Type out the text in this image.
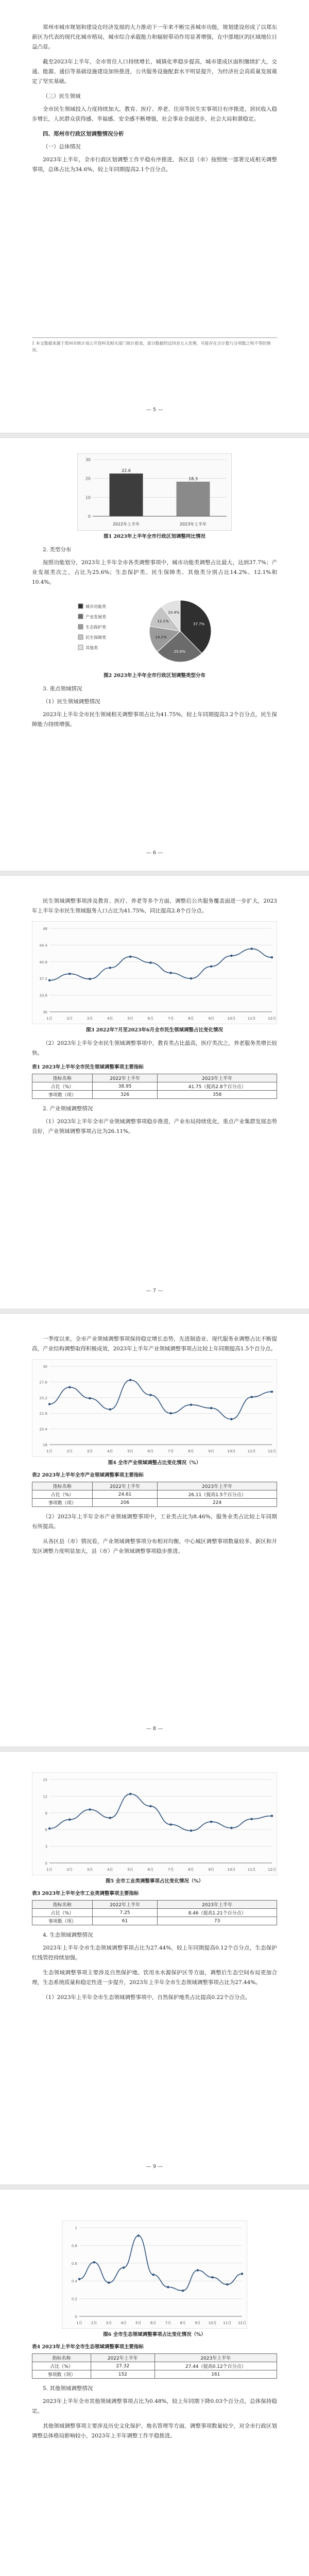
郑州市城市规划和建设在经济发展的大力推动下一年来不断完善城市功能，规划建设形成了以郑东新区为代表的现代化城市格局，城市综合承载能力和辐射带动作用显著增强，在中部地区的区域地位日益凸显。

截至2023年上半年，全市常住人口持续增长，城镇化率稳步提高，城市建成区面积继续扩大，交通、能源、通信等基础设施建设加快推进，公共服务设施配套水平明显提升，为经济社会高质量发展奠定了坚实基础。

（三）民生领域

全市民生领域投入力度持续加大，教育、医疗、养老、住房等民生实事项目有序推进，居民收入稳步增长，人民群众获得感、幸福感、安全感不断增强，社会事业全面进步，社会大局和谐稳定。

四、郑州市行政区划调整情况分析
（一）总体情况

2023年上半年，全市行政区划调整工作平稳有序推进，各区县（市）按照统一部署完成相关调整事项，总体占比为34.6%，较上年同期提高2.1个百分点。

1 本文数据来源于郑州市统计局公开资料及相关部门统计报表，部分数据经过四舍五入处理，可能存在合计数与分项数之和不等的情况。
— 5 —
0
10
20
30
22.6
2022年上半年
18.3
2023年上半年
图1 2023年上半年全市行政区划调整同比情况
2. 类型分布

按照功能划分，2023年上半年全市各类调整事项中，城市功能类调整占比最大，达到37.7%；产业发展类次之，占比为25.6%；生态保护类、民生保障类、其他类分别占比14.2%、12.1%和10.4%。

37.7%
25.6%
14.2%
12.1%
10.4%
城市功能类
产业发展类
生态保护类
民生保障类
其他类
图2 2023年上半年全市行政区划调整类型分布
3. 重点领域情况
（1）民生领域调整情况

2023年上半年全市民生领域相关调整事项占比为41.75%，较上年同期提高3.2个百分点，民生保障能力持续增强。

— 6 —

民生领域调整事项涉及教育、医疗、养老等多个方面，调整后公共服务覆盖面进一步扩大，2023年上半年全市民生领域服务人口占比为41.75%，同比提高2.8个百分点。

30
33.6
37.2
40.8
44.4
48
1月	2月	3月	4月	5月	6月	7月	8月	9月	10月	11月	12月
图3 2022年7月至2023年6月全市民生领域调整占比变化情况

（2）2023年上半年全市民生领域调整事项中，教育类占比最高，医疗类次之，养老服务类增长较快。

表1 2023年上半年全市民生领域调整事项主要指标
指标名称	2022年上半年	2023年上半年
占比（%）	38.95	41.75（提高2.8个百分点）
事项数（项）	326	358
2. 产业领域调整情况

（1）2023年上半年全市产业领域调整事项稳步推进，产业布局持续优化，重点产业集群发展态势良好，产业领域调整事项占比为26.11%。

— 7 —

一季度以来，全市产业领域调整事项保持稳定增长态势，先进制造业、现代服务业调整占比不断提高，产业结构调整取得积极成效，2023年上半年产业领域调整事项占比较上年同期提高1.5个百分点。

18
20.4
22.8
25.2
27.6
30
1月	2月	3月	4月	5月	6月	7月	8月	9月	10月	11月	12月
图4 全市产业领域调整占比变化情况（%）
表2 2023年上半年全市产业领域调整事项主要指标
指标名称	2022年上半年	2023年上半年
占比（%）	24.61	26.11（提高1.5个百分点）
事项数（项）	206	224

（2）2023年上半年全市产业领域调整事项中，工业类占比为8.46%，服务业类占比较上年同期有所提高。

从各区县（市）情况看，产业领域调整事项分布相对均衡，中心城区调整事项数量较多，新区和开发区调整力度明显加大，县（市）产业领域调整事项稳步推进。

— 8 —
0
3
6
9
12
15
1月	2月	3月	4月	5月	6月	7月	8月	9月	10月	11月	12月
图5 全市工业类调整事项占比变化情况（%）
表3 2023年上半年全市工业类调整事项主要指标
指标名称	2022年上半年	2023年上半年
占比（%）	7.25	8.46（提高1.21个百分点）
事项数（项）	61	73
4. 生态领域调整情况

2023年上半年全市生态领域调整事项占比为27.44%，较上年同期提高0.12个百分点，生态保护红线管控持续加强。

生态领域调整事项主要涉及自然保护地、饮用水水源保护区等方面，调整后生态空间布局更加合理，生态系统质量和稳定性进一步提升，2023年上半年全市生态领域调整事项占比为27.44%。

（1）2023年上半年全市生态领域调整事项中，自然保护地类占比提高0.22个百分点。

— 9 —
0
0.2
0.4
0.6
0.8
1
1月 2月 3月 4月 5月 6月 7月 8月 9月 10月 11月 12月
图6 全市生态领域调整事项占比变化情况（%）
表4 2023年上半年全市生态领域调整事项主要指标
指标名称	2022年上半年	2023年上半年
占比（%）	27.32	27.44（提高0.12个百分点）
事项数（项）	152	161
5. 其他领域调整情况

2023年上半年全市其他领域调整事项占比为0.48%，较上年同期下降0.03个百分点，总体保持稳定。

其他领域调整事项主要涉及历史文化保护、地名管理等方面，调整事项数量较少，对全市行政区划调整总体格局影响较小，2023年上半年调整工作平稳推进。
